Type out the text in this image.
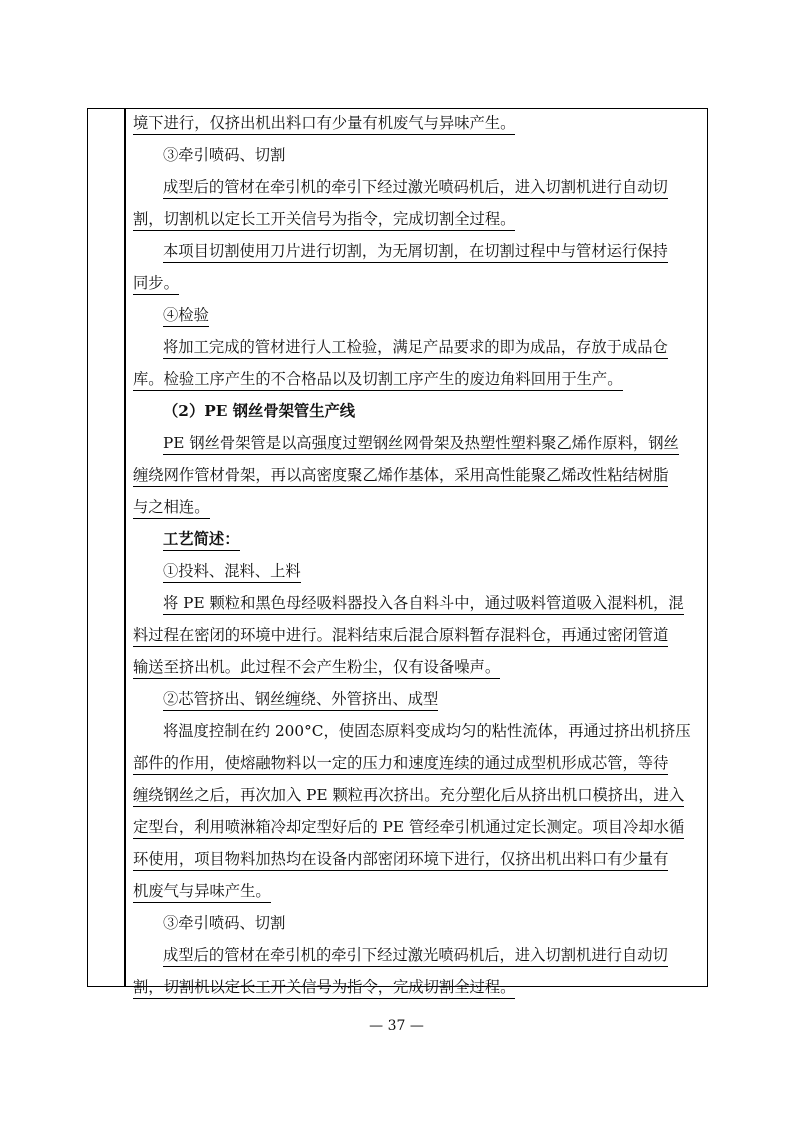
境下进行，仅挤出机出料口有少量有机废气与异味产生。
③牵引喷码、切割
成型后的管材在牵引机的牵引下经过激光喷码机后，进入切割机进行自动切
割，切割机以定长工开关信号为指令，完成切割全过程。
本项目切割使用刀片进行切割，为无屑切割，在切割过程中与管材运行保持
同步。
④检验
将加工完成的管材进行人工检验，满足产品要求的即为成品，存放于成品仓
库。检验工序产生的不合格品以及切割工序产生的废边角料回用于生产。
（2）PE 钢丝骨架管生产线
PE 钢丝骨架管是以高强度过塑钢丝网骨架及热塑性塑料聚乙烯作原料，钢丝
缠绕网作管材骨架，再以高密度聚乙烯作基体，采用高性能聚乙烯改性粘结树脂
与之相连。
工艺简述：
①投料、混料、上料
将 PE 颗粒和黑色母经吸料器投入各自料斗中，通过吸料管道吸入混料机，混
料过程在密闭的环境中进行。混料结束后混合原料暂存混料仓，再通过密闭管道
输送至挤出机。此过程不会产生粉尘，仅有设备噪声。
②芯管挤出、钢丝缠绕、外管挤出、成型
将温度控制在约 200°C，使固态原料变成均匀的粘性流体，再通过挤出机挤压
部件的作用，使熔融物料以一定的压力和速度连续的通过成型机形成芯管，等待
缠绕钢丝之后，再次加入 PE 颗粒再次挤出。充分塑化后从挤出机口模挤出，进入
定型台，利用喷淋箱冷却定型好后的 PE 管经牵引机通过定长测定。项目冷却水循
环使用，项目物料加热均在设备内部密闭环境下进行，仅挤出机出料口有少量有
机废气与异味产生。
③牵引喷码、切割
成型后的管材在牵引机的牵引下经过激光喷码机后，进入切割机进行自动切
割，切割机以定长工开关信号为指令，完成切割全过程。
— 37 —
